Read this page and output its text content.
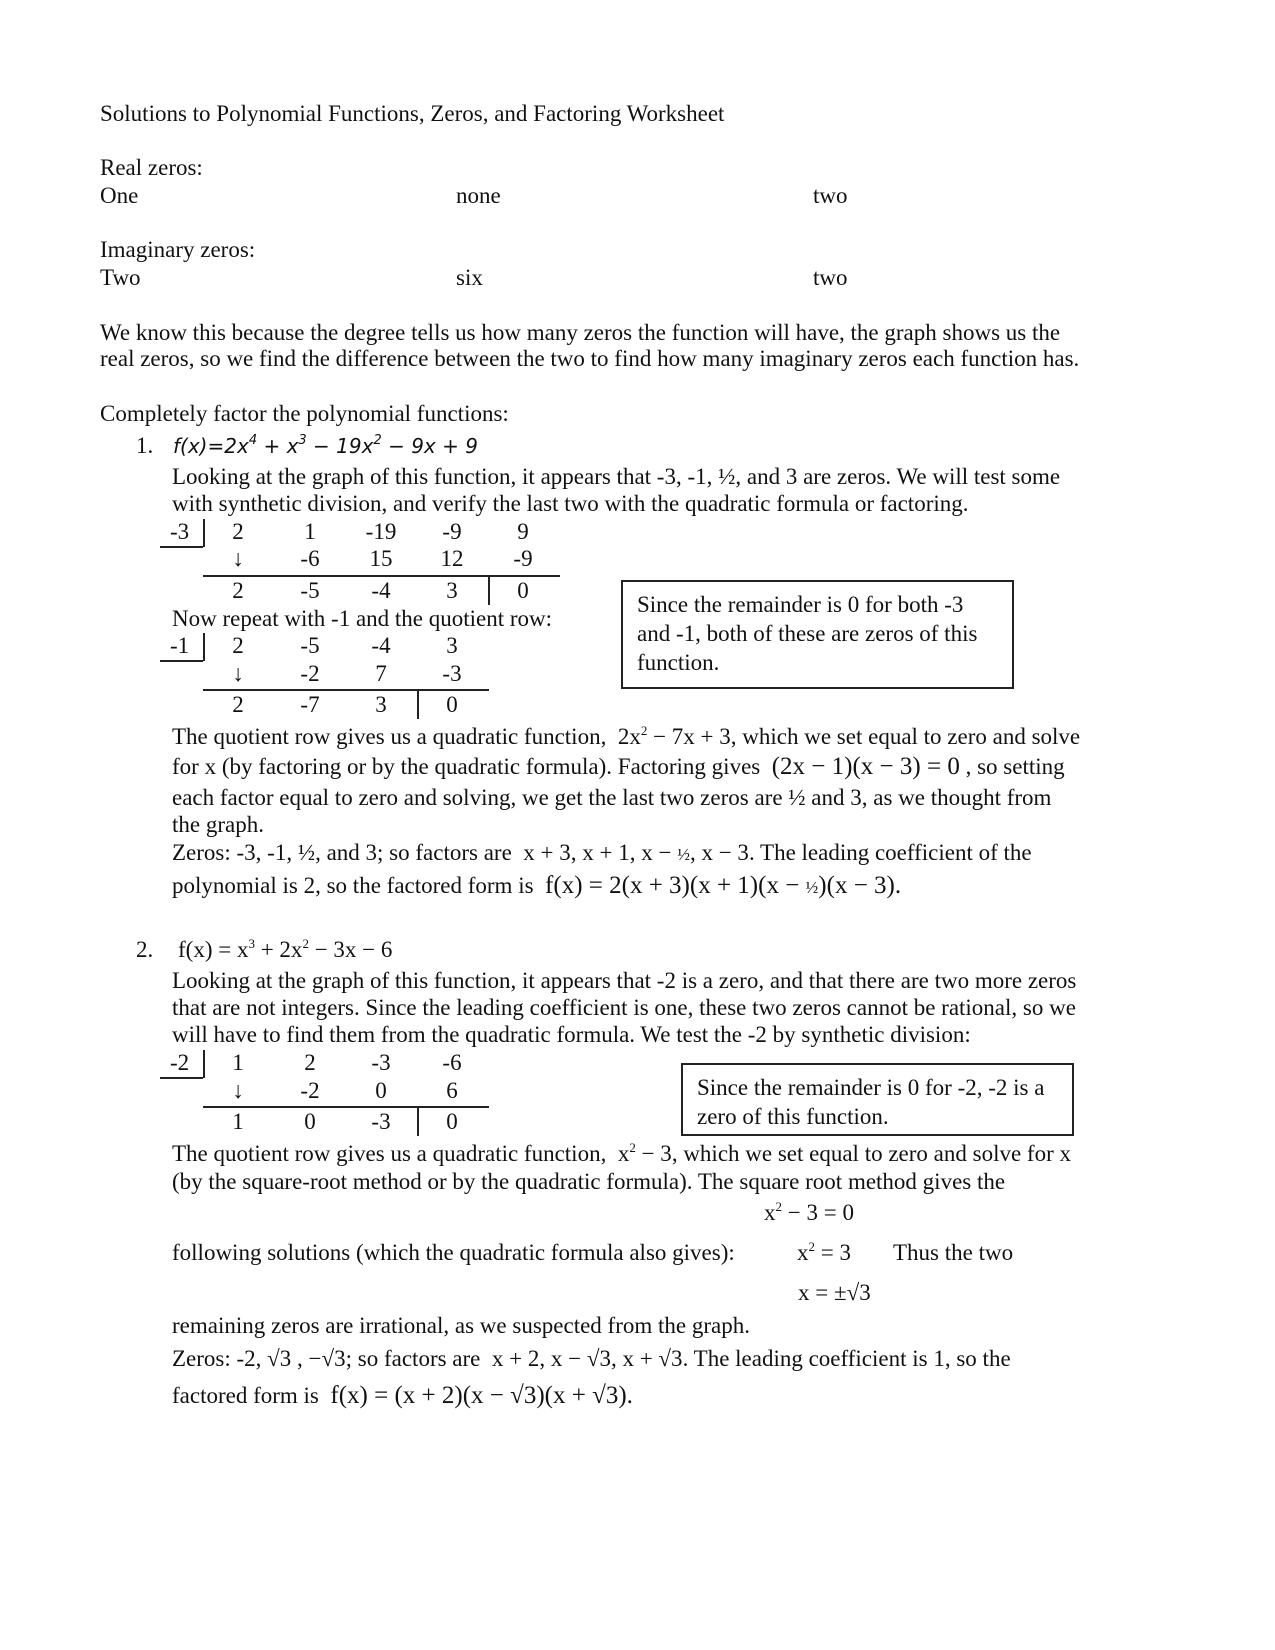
Solutions to Polynomial Functions, Zeros, and Factoring Worksheet
Real zeros:
One	none	two
Imaginary zeros:
Two	six	two
We know this because the degree tells us how many zeros the function will have, the graph shows us the
real zeros, so we find the difference between the two to find how many imaginary zeros each function has.
Completely factor the polynomial functions:
1. $f(x)=2x^4 + x^3 - 19x^2 - 9x + 9$
Looking at the graph of this function, it appears that -3, -1, ½, and 3 are zeros. We will test some
with synthetic division, and verify the last two with the quadratic formula or factoring.
-3	2	1	-19	-9	9
↓	-6	15	12	-9
2	-5	-4	3	0
Now repeat with -1 and the quotient row:
-1	2	-5	-4	3
↓	-2	7	-3
2	-7	3	0
Since the remainder is 0 for both -3 and -1, both of these are zeros of this function.
The quotient row gives us a quadratic function, $2x^2 - 7x + 3$, which we set equal to zero and solve
for x (by factoring or by the quadratic formula). Factoring gives (2x − 1)(x − 3) = 0 , so setting
each factor equal to zero and solving, we get the last two zeros are ½ and 3, as we thought from
the graph.
Zeros: -3, -1, ½, and 3; so factors are x + 3, x + 1, x − ½, x − 3. The leading coefficient of the
polynomial is 2, so the factored form is f(x) = 2(x + 3)(x + 1)(x − ½)(x − 3).
2. $f(x) = x^3 + 2x^2 - 3x - 6$
Looking at the graph of this function, it appears that -2 is a zero, and that there are two more zeros
that are not integers. Since the leading coefficient is one, these two zeros cannot be rational, so we
will have to find them from the quadratic formula. We test the -2 by synthetic division:
-2	1	2	-3	-6
↓	-2	0	6
1	0	-3	0
Since the remainder is 0 for -2, -2 is a zero of this function.
The quotient row gives us a quadratic function, $x^2 - 3$, which we set equal to zero and solve for x
(by the square-root method or by the quadratic formula). The square root method gives the
$x^2 - 3 = 0$
following solutions (which the quadratic formula also gives):	$x^2 = 3$ Thus the two
x = ±√3
remaining zeros are irrational, as we suspected from the graph.
Zeros: -2, √3 , −√3; so factors are x + 2, x − √3, x + √3. The leading coefficient is 1, so the
factored form is f(x) = (x + 2)(x − √3)(x + √3).
